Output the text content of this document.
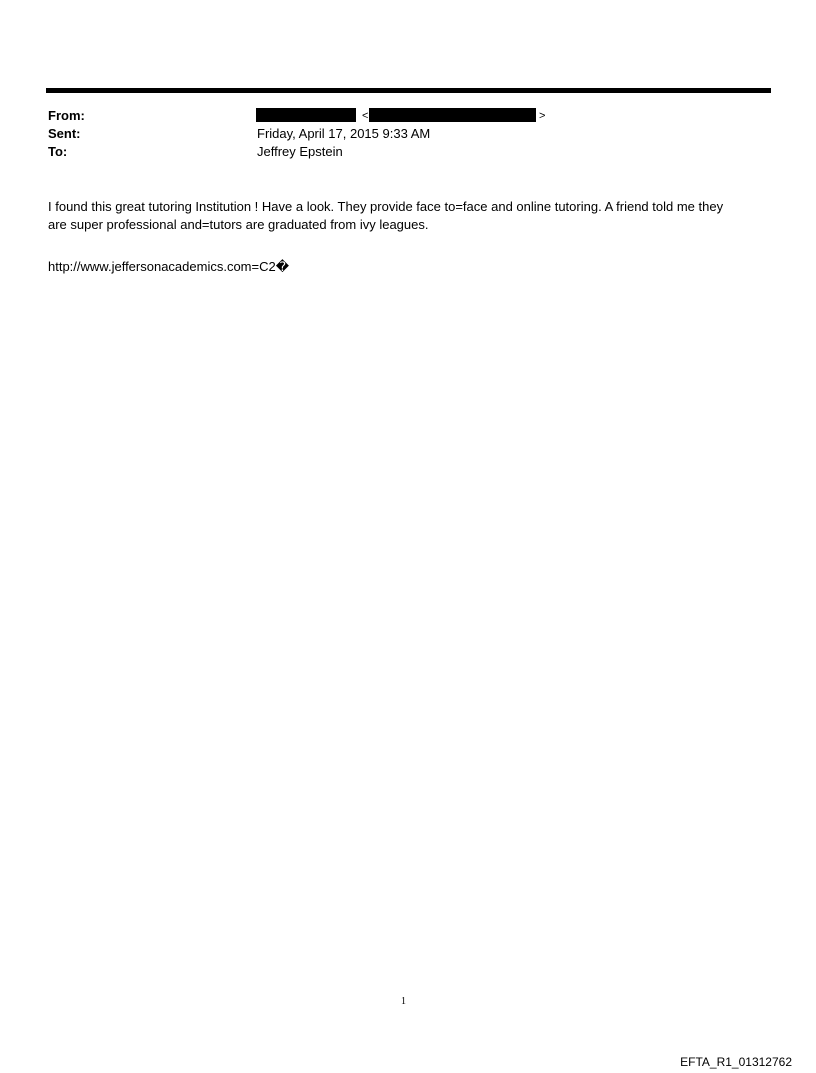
From:
Sent:
To:
<	>
Friday, April 17, 2015 9:33 AM
Jeffrey Epstein
I found this great tutoring Institution ! Have a look. They provide face to=face and online tutoring. A friend told me they
are super professional and=tutors are graduated from ivy leagues.
http://www.jeffersonacademics.com=C2�
1
EFTA_R1_01312762
